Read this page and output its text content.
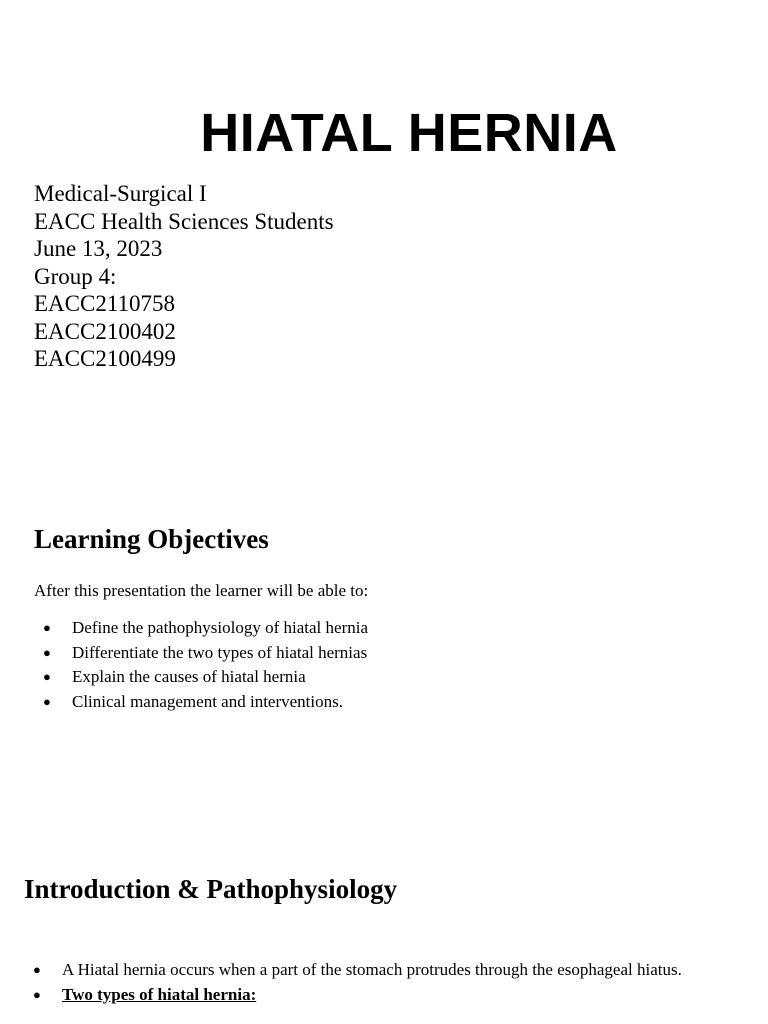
HIATAL HERNIA
Medical-Surgical I
EACC Health Sciences Students
June 13, 2023
Group 4:
EACC2110758
EACC2100402
EACC2100499
Learning Objectives

After this presentation the learner will be able to:

● Define the pathophysiology of hiatal hernia
● Differentiate the two types of hiatal hernias
● Explain the causes of hiatal hernia
● Clinical management and interventions.
Introduction & Pathophysiology
● A Hiatal hernia occurs when a part of the stomach protrudes through the esophageal hiatus.
● Two types of hiatal hernia:
